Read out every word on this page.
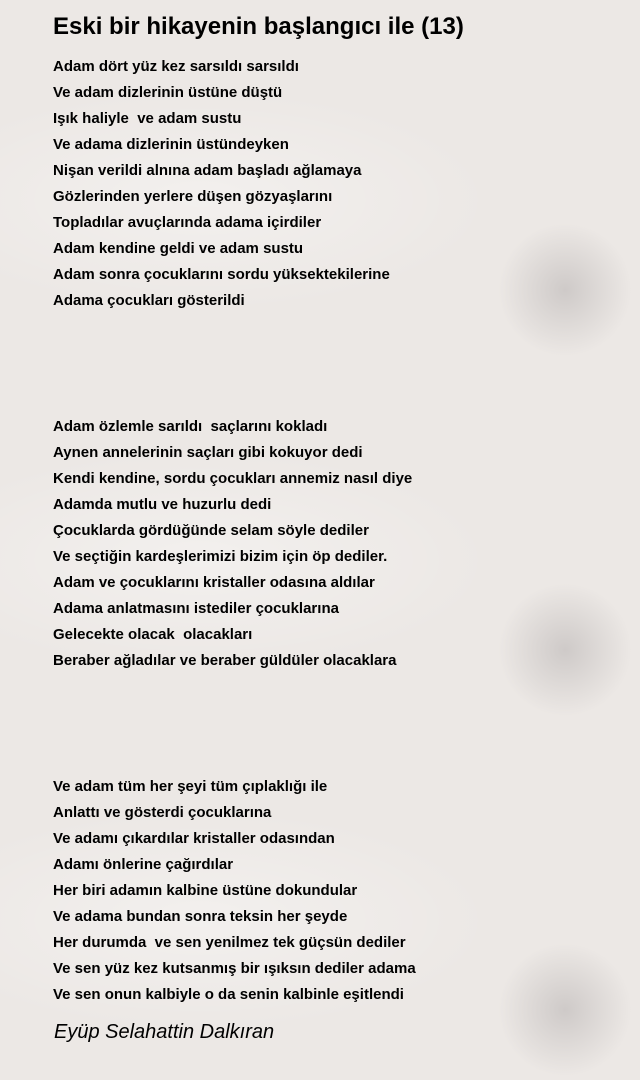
Eski bir hikayenin başlangıcı ile (13)
Adam dört yüz kez sarsıldı sarsıldı
Ve adam dizlerinin üstüne düştü
Işık haliyle  ve adam sustu
Ve adama dizlerinin üstündeyken
Nişan verildi alnına adam başladı ağlamaya
Gözlerinden yerlere düşen gözyaşlarını
Topladılar avuçlarında adama içirdiler
Adam kendine geldi ve adam sustu
Adam sonra çocuklarını sordu yüksektekilerine
Adama çocukları gösterildi
Adam özlemle sarıldı  saçlarını kokladı
Aynen annelerinin saçları gibi kokuyor dedi
Kendi kendine, sordu çocukları annemiz nasıl diye
Adamda mutlu ve huzurlu dedi
Çocuklarda gördüğünde selam söyle dediler
Ve seçtiğin kardeşlerimizi bizim için öp dediler.
Adam ve çocuklarını kristaller odasına aldılar
Adama anlatmasını istediler çocuklarına
Gelecekte olacak  olacakları
Beraber ağladılar ve beraber güldüler olacaklara
Ve adam tüm her şeyi tüm çıplaklığı ile
Anlattı ve gösterdi çocuklarına
Ve adamı çıkardılar kristaller odasından
Adamı önlerine çağırdılar
Her biri adamın kalbine üstüne dokundular
Ve adama bundan sonra teksin her şeyde
Her durumda  ve sen yenilmez tek güçsün dediler
Ve sen yüz kez kutsanmış bir ışıksın dediler adama
Ve sen onun kalbiyle o da senin kalbinle eşitlendi
Eyüp Selahattin Dalkıran
